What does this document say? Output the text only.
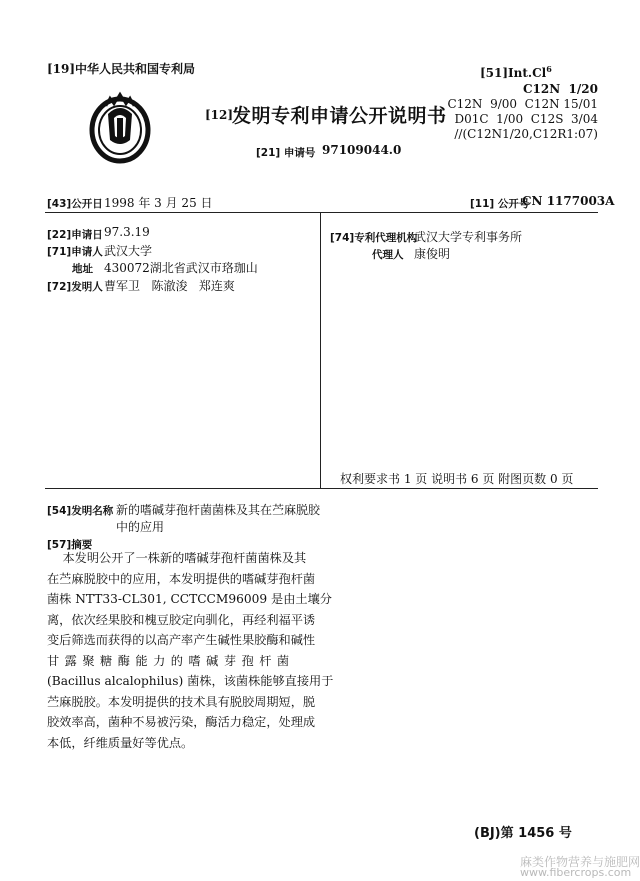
[19]中华人民共和国专利局
[12]
发明专利申请公开说明书
[21] 申请号 97109044.0
[51]Int.Cl$^6$
C12N  1/20
C12N  9/00  C12N 15/01
D01C  1/00  C12S  3/04
//(C12N1/20,C12R1:07)
[43]公开日 1998 年 3 月 25 日	[11] 公开号
CN 1177003A
[22]申请日 97.3.19
[71]申请人 武汉大学
地址 430072湖北省武汉市珞珈山
[72]发明人 曹军卫   陈澈浚   郑连爽
[74]专利代理机构
武汉大学专利事务所
代理人 康俊明
权利要求书 1 页 说明书 6 页 附图页数 0 页
[54]发明名称 新的嗜碱芽孢杆菌菌株及其在苎麻脱胶
中的应用
[57]摘要
本发明公开了一株新的嗜碱芽孢杆菌菌株及其
在苎麻脱胶中的应用，本发明提供的嗜碱芽孢杆菌
菌株 NTT33-CL301, CCTCCM96009 是由土壤分
离，依次经果胶和槐豆胶定向驯化，再经利福平诱
变后筛选而获得的以高产率产生碱性果胶酶和碱性
甘露聚糖酶能力的嗜碱芽孢杆菌
(Bacillus alcalophilus) 菌株，该菌株能够直接用于
苎麻脱胶。本发明提供的技术具有脱胶周期短，脱
胶效率高，菌种不易被污染，酶活力稳定，处理成
本低，纤维质量好等优点。
(BJ)第 1456 号
麻类作物营养与施肥网
www.fibercrops.com
